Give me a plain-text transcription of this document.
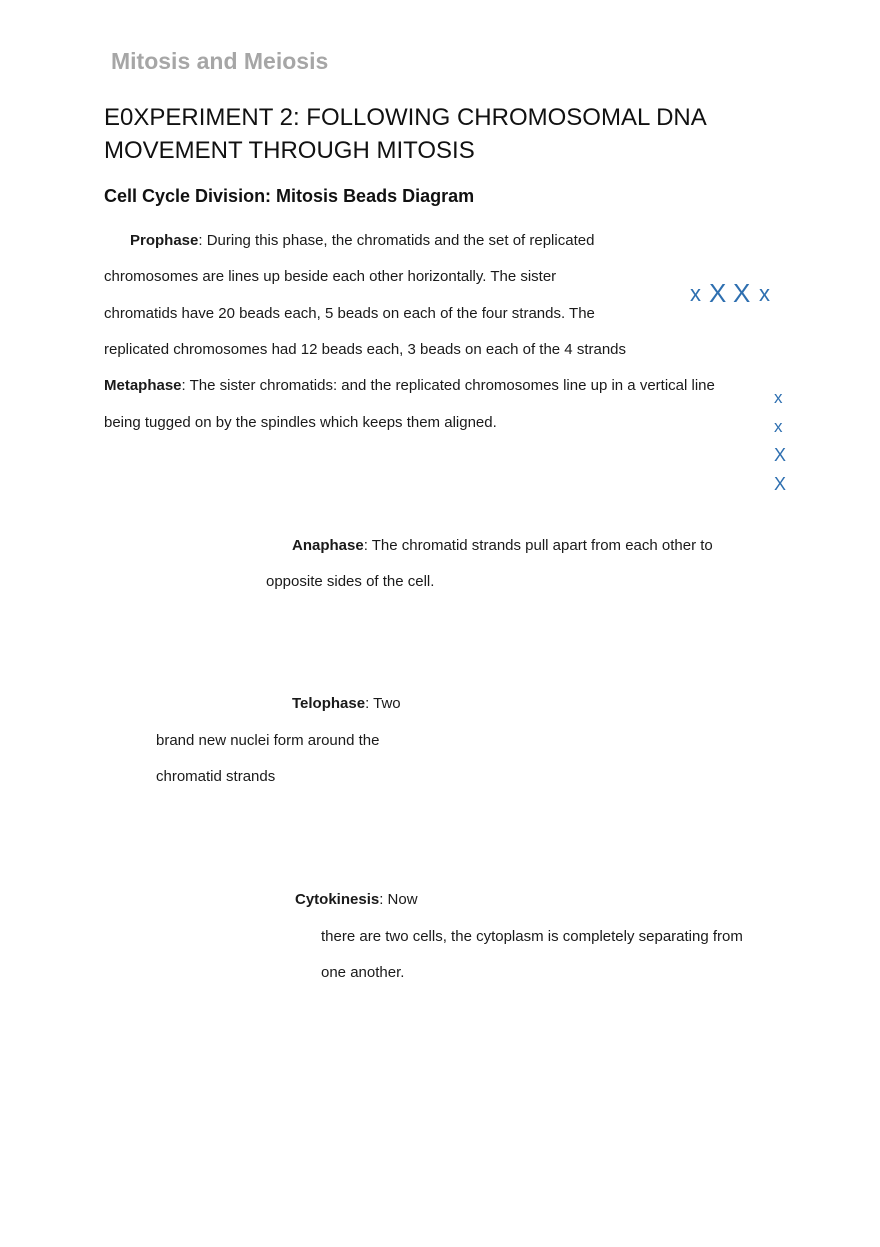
Mitosis and Meiosis
E0XPERIMENT 2: FOLLOWING CHROMOSOMAL DNA
MOVEMENT THROUGH MITOSIS
Cell Cycle Division: Mitosis Beads Diagram
Prophase: During this phase, the chromatids and the set of replicated
chromosomes are lines up beside each other horizontally. The sister
chromatids have 20 beads each, 5 beads on each of the four strands. The
replicated chromosomes had 12 beads each, 3 beads on each of the 4 strands
x X X x
Metaphase: The sister chromatids: and the replicated chromosomes line up in a vertical line
being tugged on by the spindles which keeps them aligned.
x
x
X
X
Anaphase: The chromatid strands pull apart from each other to
opposite sides of the cell.
Telophase: Two
brand new nuclei form around the
chromatid strands
Cytokinesis: Now
there are two cells, the cytoplasm is completely separating from
one another.
